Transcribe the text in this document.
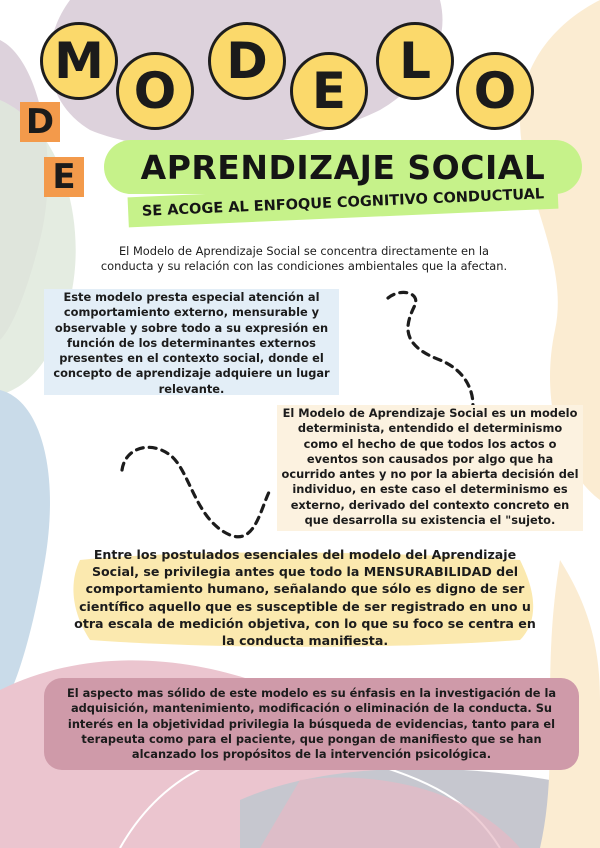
M
O
D
E
L
O
D
E	APRENDIZAJE SOCIAL
SE ACOGE AL ENFOQUE COGNITIVO CONDUCTUAL
El Modelo de Aprendizaje Social se concentra directamente en la
conducta y su relación con las condiciones ambientales que la afectan.
Este modelo presta especial atención al
comportamiento externo, mensurable y
observable y sobre todo a su expresión en
función de los determinantes externos
presentes en el contexto social, donde el
concepto de aprendizaje adquiere un lugar
relevante.
El Modelo de Aprendizaje Social es un modelo
determinista, entendido el determinismo
como el hecho de que todos los actos o
eventos son causados por algo que ha
ocurrido antes y no por la abierta decisión del
individuo, en este caso el determinismo es
externo, derivado del contexto concreto en
que desarrolla su existencia el "sujeto.
Entre los postulados esenciales del modelo del Aprendizaje
Social, se privilegia antes que todo la MENSURABILIDAD del
comportamiento humano, señalando que sólo es digno de ser
científico aquello que es susceptible de ser registrado en uno u
otra escala de medición objetiva, con lo que su foco se centra en
la conducta manifiesta.
El aspecto mas sólido de este modelo es su énfasis en la investigación de la
adquisición, mantenimiento, modificación o eliminación de la conducta. Su
interés en la objetividad privilegia la búsqueda de evidencias, tanto para el
terapeuta como para el paciente, que pongan de manifiesto que se han
alcanzado los propósitos de la intervención psicológica.
